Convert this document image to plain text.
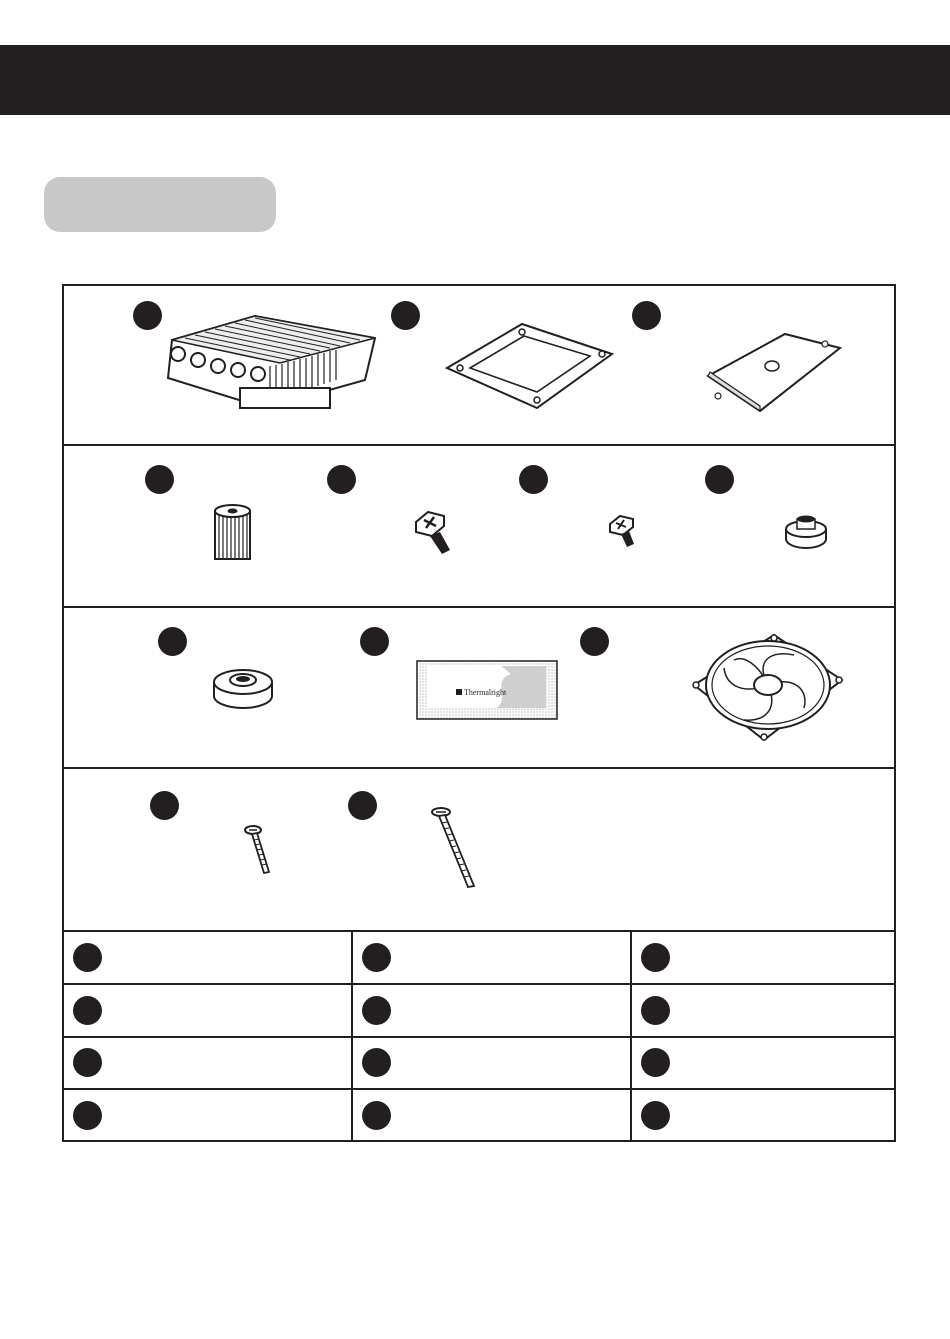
Thermalright
